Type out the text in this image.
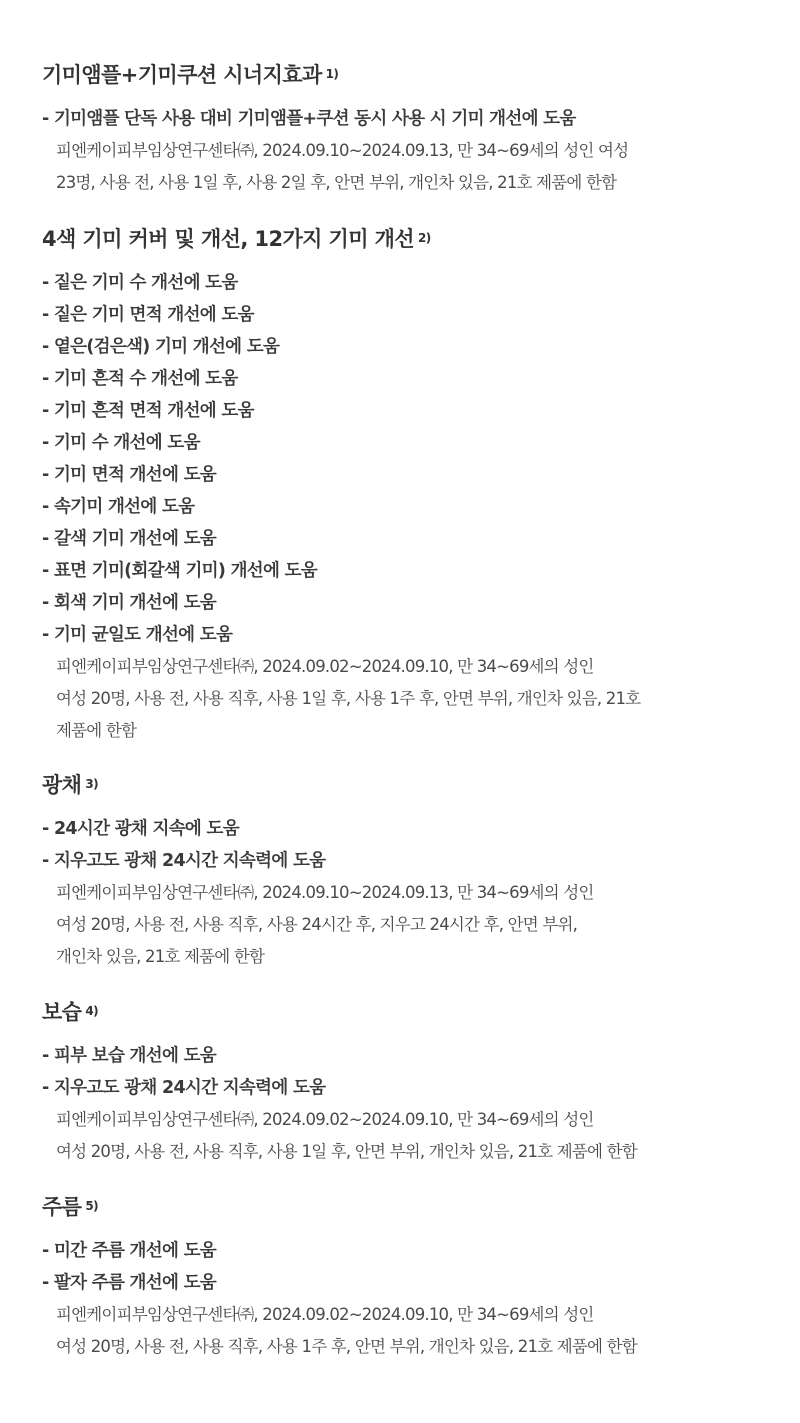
기미앰플+기미쿠션 시너지효과 $^{1)}$
- 기미앰플 단독 사용 대비 기미앰플+쿠션 동시 사용 시 기미 개선에 도움
피엔케이피부임상연구센타㈜, 2024.09.10~2024.09.13, 만 34~69세의 성인 여성
23명, 사용 전, 사용 1일 후, 사용 2일 후, 안면 부위, 개인차 있음, 21호 제품에 한함
4색 기미 커버 및 개선, 12가지 기미 개선 $^{2)}$
- 짙은 기미 수 개선에 도움
- 짙은 기미 면적 개선에 도움
- 옅은(검은색) 기미 개선에 도움
- 기미 흔적 수 개선에 도움
- 기미 흔적 면적 개선에 도움
- 기미 수 개선에 도움
- 기미 면적 개선에 도움
- 속기미 개선에 도움
- 갈색 기미 개선에 도움
- 표면 기미(회갈색 기미) 개선에 도움
- 회색 기미 개선에 도움
- 기미 균일도 개선에 도움
피엔케이피부임상연구센타㈜, 2024.09.02~2024.09.10, 만 34~69세의 성인
여성 20명, 사용 전, 사용 직후, 사용 1일 후, 사용 1주 후, 안면 부위, 개인차 있음, 21호
제품에 한함
광채 $^{3)}$
- 24시간 광채 지속에 도움
- 지우고도 광채 24시간 지속력에 도움
피엔케이피부임상연구센타㈜, 2024.09.10~2024.09.13, 만 34~69세의 성인
여성 20명, 사용 전, 사용 직후, 사용 24시간 후, 지우고 24시간 후, 안면 부위,
개인차 있음, 21호 제품에 한함
보습 $^{4)}$
- 피부 보습 개선에 도움
- 지우고도 광채 24시간 지속력에 도움
피엔케이피부임상연구센타㈜, 2024.09.02~2024.09.10, 만 34~69세의 성인
여성 20명, 사용 전, 사용 직후, 사용 1일 후, 안면 부위, 개인차 있음, 21호 제품에 한함
주름 $^{5)}$
- 미간 주름 개선에 도움
- 팔자 주름 개선에 도움
피엔케이피부임상연구센타㈜, 2024.09.02~2024.09.10, 만 34~69세의 성인
여성 20명, 사용 전, 사용 직후, 사용 1주 후, 안면 부위, 개인차 있음, 21호 제품에 한함
